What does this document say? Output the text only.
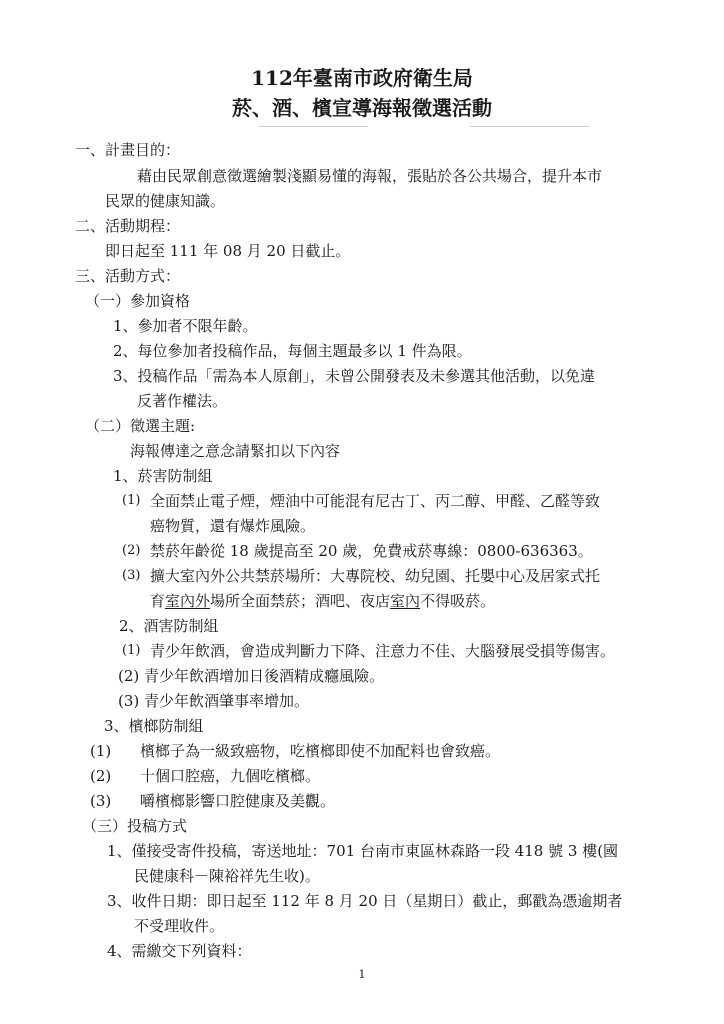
112年臺南市政府衛生局
菸、酒、檳宣導海報徵選活動
一、計畫目的：
藉由民眾創意徵選繪製淺顯易懂的海報，張貼於各公共場合，提升本市
民眾的健康知識。
二、活動期程：
即日起至 111 年 08 月 20 日截止。
三、活動方式：
（一）參加資格
1、參加者不限年齡。
2、每位參加者投稿作品，每個主題最多以 1 件為限。
3、投稿作品「需為本人原創」，未曾公開發表及未參選其他活動，以免違
反著作權法。
（二）徵選主題:
海報傳達之意念請緊扣以下內容
1、菸害防制組
(1) 全面禁止電子煙，煙油中可能混有尼古丁、丙二醇、甲醛、乙醛等致
癌物質，還有爆炸風險。
(2) 禁菸年齡從 18 歲提高至 20 歲，免費戒菸專線：0800-636363。
(3) 擴大室內外公共禁菸場所：大專院校、幼兒園、托嬰中心及居家式托
育室內外場所全面禁菸；酒吧、夜店室內不得吸菸。
2、酒害防制組
(1) 青少年飲酒，會造成判斷力下降、注意力不佳、大腦發展受損等傷害。
(2) 青少年飲酒增加日後酒精成癮風險。
(3) 青少年飲酒肇事率增加。
3、檳榔防制組
(1) 檳榔子為一級致癌物，吃檳榔即使不加配料也會致癌。
(2) 十個口腔癌，九個吃檳榔。
(3) 嚼檳榔影響口腔健康及美觀。
（三）投稿方式
1、僅接受寄件投稿，寄送地址：701 台南市東區林森路一段 418 號 3 樓(國
民健康科－陳裕祥先生收)。
3、收件日期：即日起至 112 年 8 月 20 日（星期日）截止，郵戳為憑逾期者
不受理收件。
4、需繳交下列資料：
1
